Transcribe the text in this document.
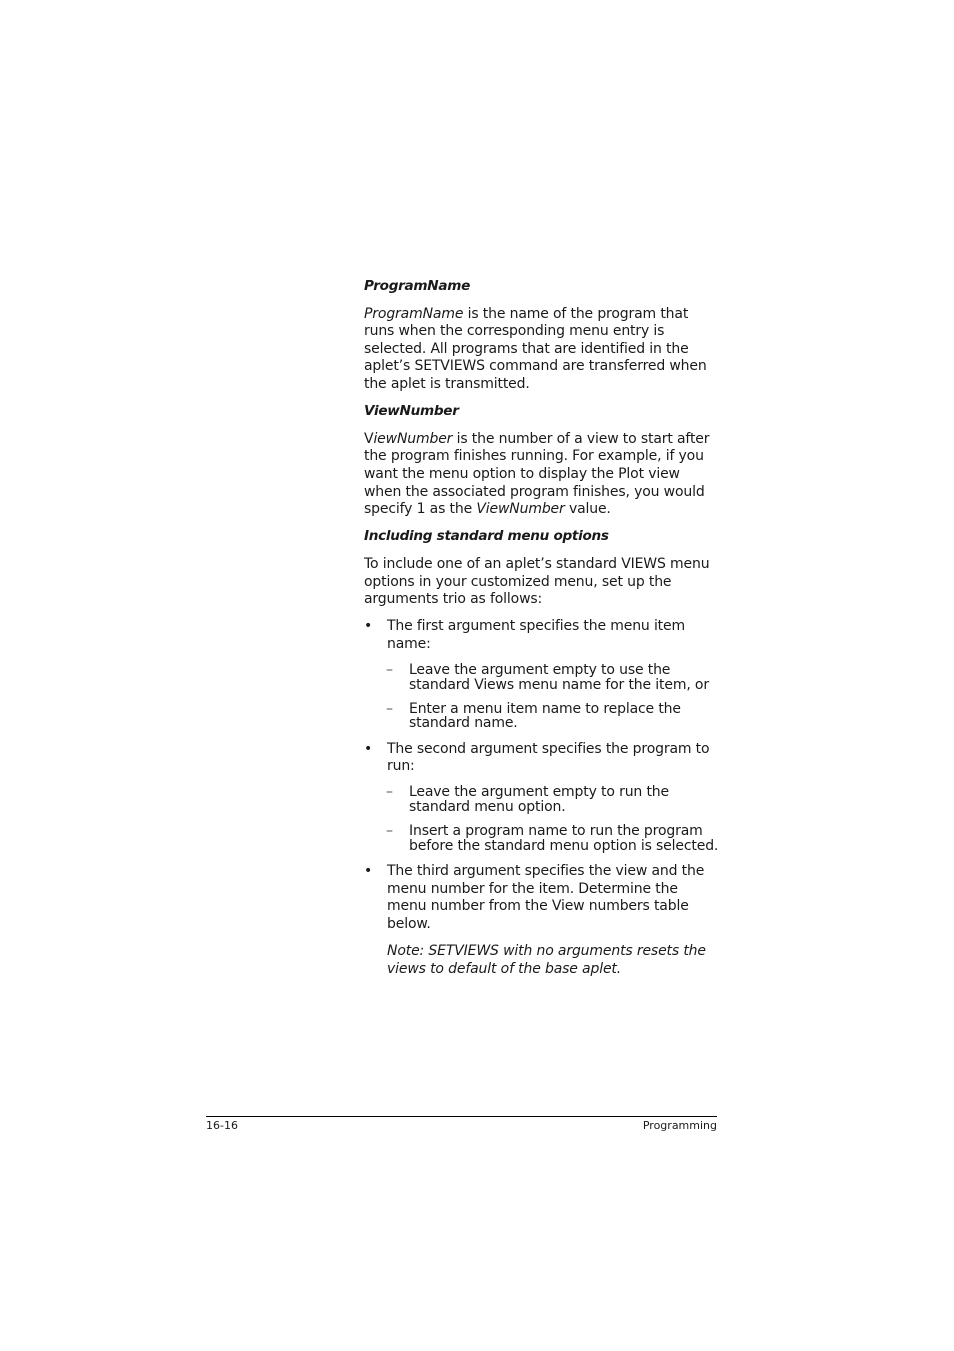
ProgramName

ProgramName is the name of the program that runs when the corresponding menu entry is selected. All programs that are identified in the aplet’s SETVIEWS command are transferred when the aplet is transmitted.

ViewNumber

ViewNumber is the number of a view to start after the program finishes running. For example, if you want the menu option to display the Plot view when the associated program finishes, you would specify 1 as the ViewNumber value.

Including standard menu options

To include one of an aplet’s standard VIEWS menu options in your customized menu, set up the arguments trio as follows:

• The first argument specifies the menu item name:
– Leave the argument empty to use the standard Views menu name for the item, or
– Enter a menu item name to replace the standard name.
• The second argument specifies the program to run:
– Leave the argument empty to run the standard menu option.
– Insert a program name to run the program before the standard menu option is selected.
• The third argument specifies the view and the menu number for the item. Determine the menu number from the View numbers table below.

Note: SETVIEWS with no arguments resets the views to default of the base aplet.

16-16	Programming
